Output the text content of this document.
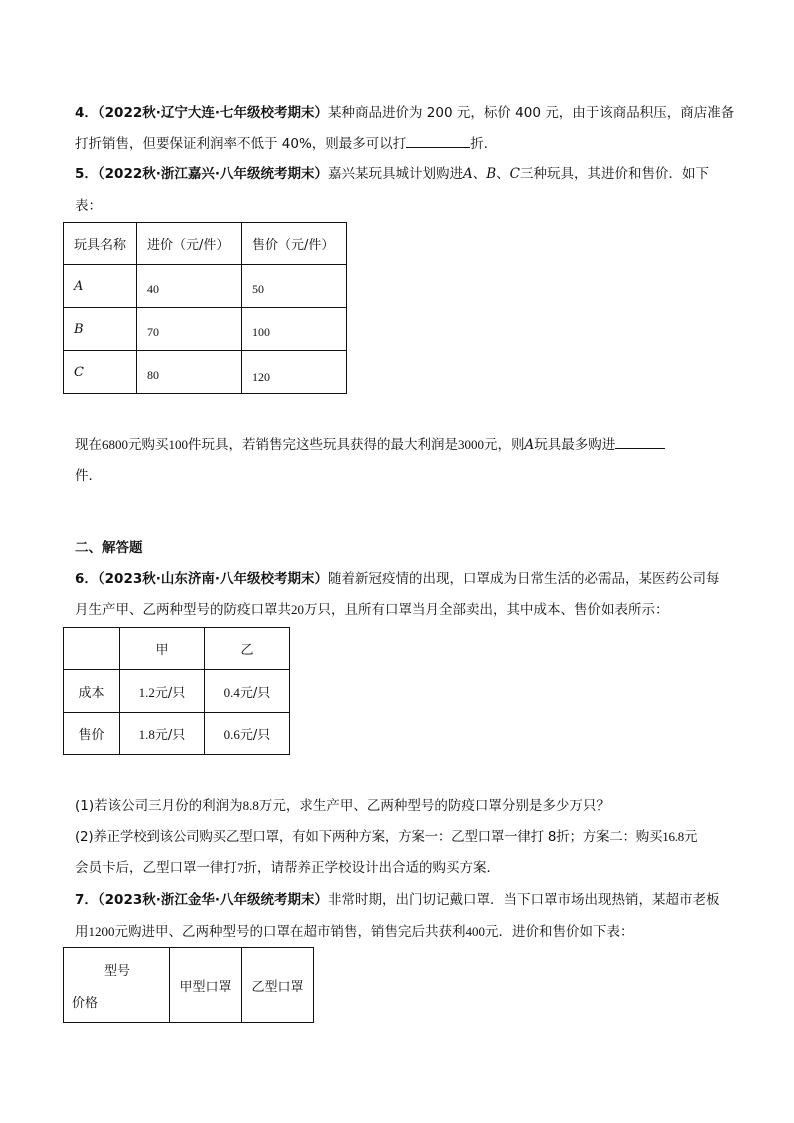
4．（2022秋·辽宁大连·七年级校考期末）某种商品进价为 200 元，标价 400 元，由于该商品积压，商店准备
打折销售，但要保证利润率不低于 40%，则最多可以打	折．
5．（2022秋·浙江嘉兴·八年级统考期末）嘉兴某玩具城计划购进A、B、C三种玩具，其进价和售价．如下
表：
玩具名称	进价（元/件）	售价（元/件）
A	40	50
B	70	100
C	80	120
现在6800元购买100件玩具，若销售完这些玩具获得的最大利润是3000元，则A玩具最多购进
件．
二、解答题
6．（2023秋·山东济南·八年级校考期末）随着新冠疫情的出现，口罩成为日常生活的必需品，某医药公司每
月生产甲、乙两种型号的防疫口罩共20万只，且所有口罩当月全部卖出，其中成本、售价如表所示：
	甲	乙
成本	1.2元/只	0.4元/只
售价	1.8元/只	0.6元/只
(1)若该公司三月份的利润为8.8万元，求生产甲、乙两种型号的防疫口罩分别是多少万只？
(2)养正学校到该公司购买乙型口罩，有如下两种方案，方案一：乙型口罩一律打 8折；方案二：购买16.8元
会员卡后，乙型口罩一律打7折，请帮养正学校设计出合适的购买方案．
7．（2023秋·浙江金华·八年级统考期末）非常时期，出门切记戴口罩．当下口罩市场出现热销，某超市老板
用1200元购进甲、乙两种型号的口罩在超市销售，销售完后共获利400元．进价和售价如下表：
型号
价格
	甲型口罩	乙型口罩
